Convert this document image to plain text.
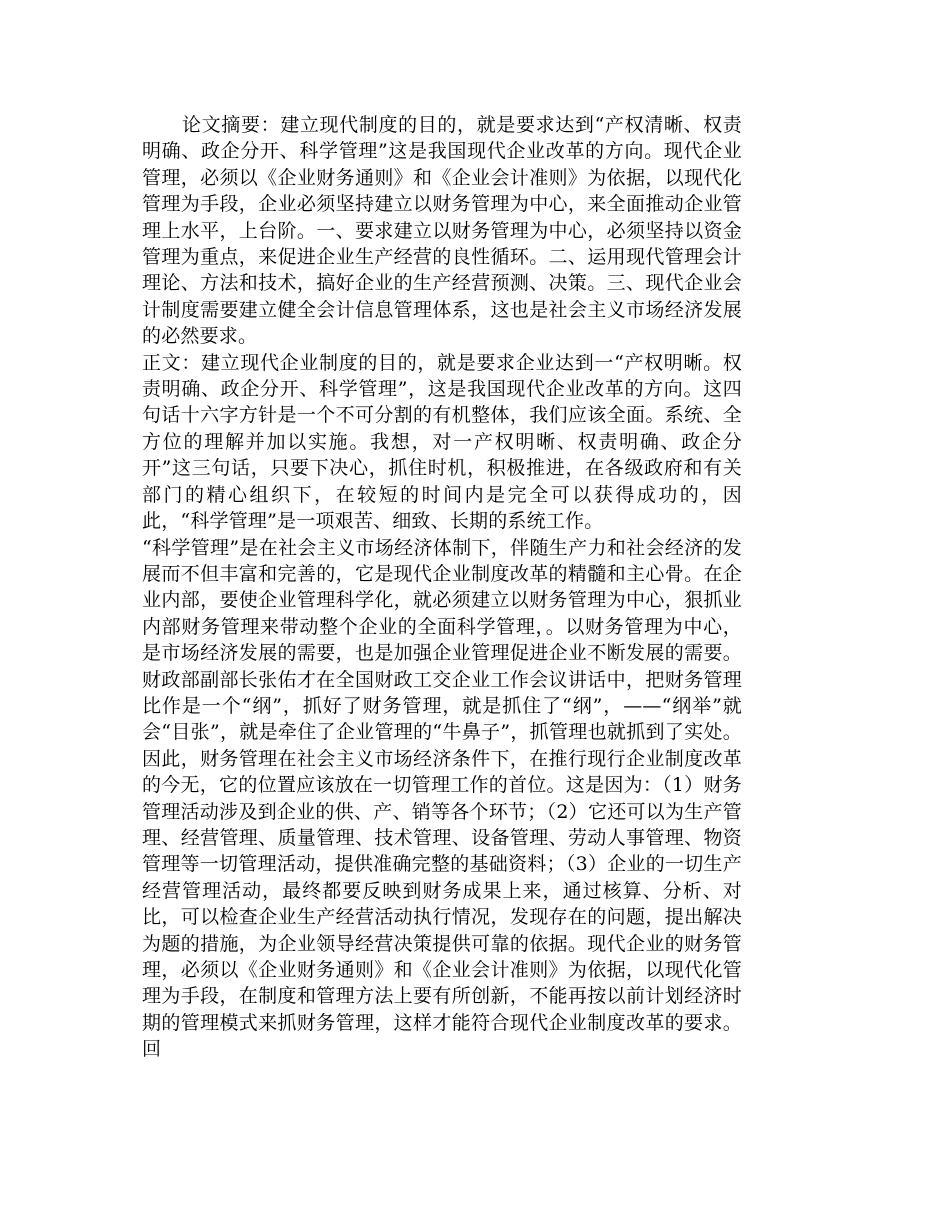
论文摘要：建立现代制度的目的，就是要求达到“产权清晰、权责明确、政企分开、科学管理”这是我国现代企业改革的方向。现代企业管理，必须以《企业财务通则》和《企业会计准则》为依据，以现代化管理为手段，企业必须坚持建立以财务管理为中心，来全面推动企业管理上水平，上台阶。一、要求建立以财务管理为中心，必须坚持以资金管理为重点，来促进企业生产经营的良性循环。二、运用现代管理会计理论、方法和技术，搞好企业的生产经营预测、决策。三、现代企业会计制度需要建立健全会计信息管理体系，这也是社会主义市场经济发展的必然要求。

正文：建立现代企业制度的目的，就是要求企业达到一“产权明晰。权责明确、政企分开、科学管理”，这是我国现代企业改革的方向。这四句话十六字方针是一个不可分割的有机整体，我们应该全面。系统、全方位的理解并加以实施。我想，对一产权明晰、权责明确、政企分开”这三句话，只要下决心，抓住时机，积极推进，在各级政府和有关部门的精心组织下，在较短的时间内是完全可以获得成功的，因此，“科学管理”是一项艰苦、细致、长期的系统工作。

“科学管理”是在社会主义市场经济体制下，伴随生产力和社会经济的发展而不但丰富和完善的，它是现代企业制度改革的精髓和主心骨。在企业内部，要使企业管理科学化，就必须建立以财务管理为中心，狠抓业内部财务管理来带动整个企业的全面科学管理，。以财务管理为中心，是市场经济发展的需要，也是加强企业管理促进企业不断发展的需要。财政部副部长张佑才在全国财政工交企业工作会议讲话中，把财务管理比作是一个“纲”，抓好了财务管理，就是抓住了“纲”，——“纲举”就会“目张”，就是牵住了企业管理的“牛鼻子”，抓管理也就抓到了实处。因此，财务管理在社会主义市场经济条件下，在推行现行企业制度改革的今无，它的位置应该放在一切管理工作的首位。这是因为：（1）财务管理活动涉及到企业的供、产、销等各个环节；（2）它还可以为生产管理、经营管理、质量管理、技术管理、设备管理、劳动人事管理、物资管理等一切管理活动，提供准确完整的基础资料；（3）企业的一切生产经营管理活动，最终都要反映到财务成果上来，通过核算、分析、对比，可以检查企业生产经营活动执行情况，发现存在的问题，提出解决为题的措施，为企业领导经营决策提供可靠的依据。现代企业的财务管理，必须以《企业财务通则》和《企业会计准则》为依据，以现代化管理为手段，在制度和管理方法上要有所创新，不能再按以前计划经济时期的管理模式来抓财务管理，这样才能符合现代企业制度改革的要求。回
